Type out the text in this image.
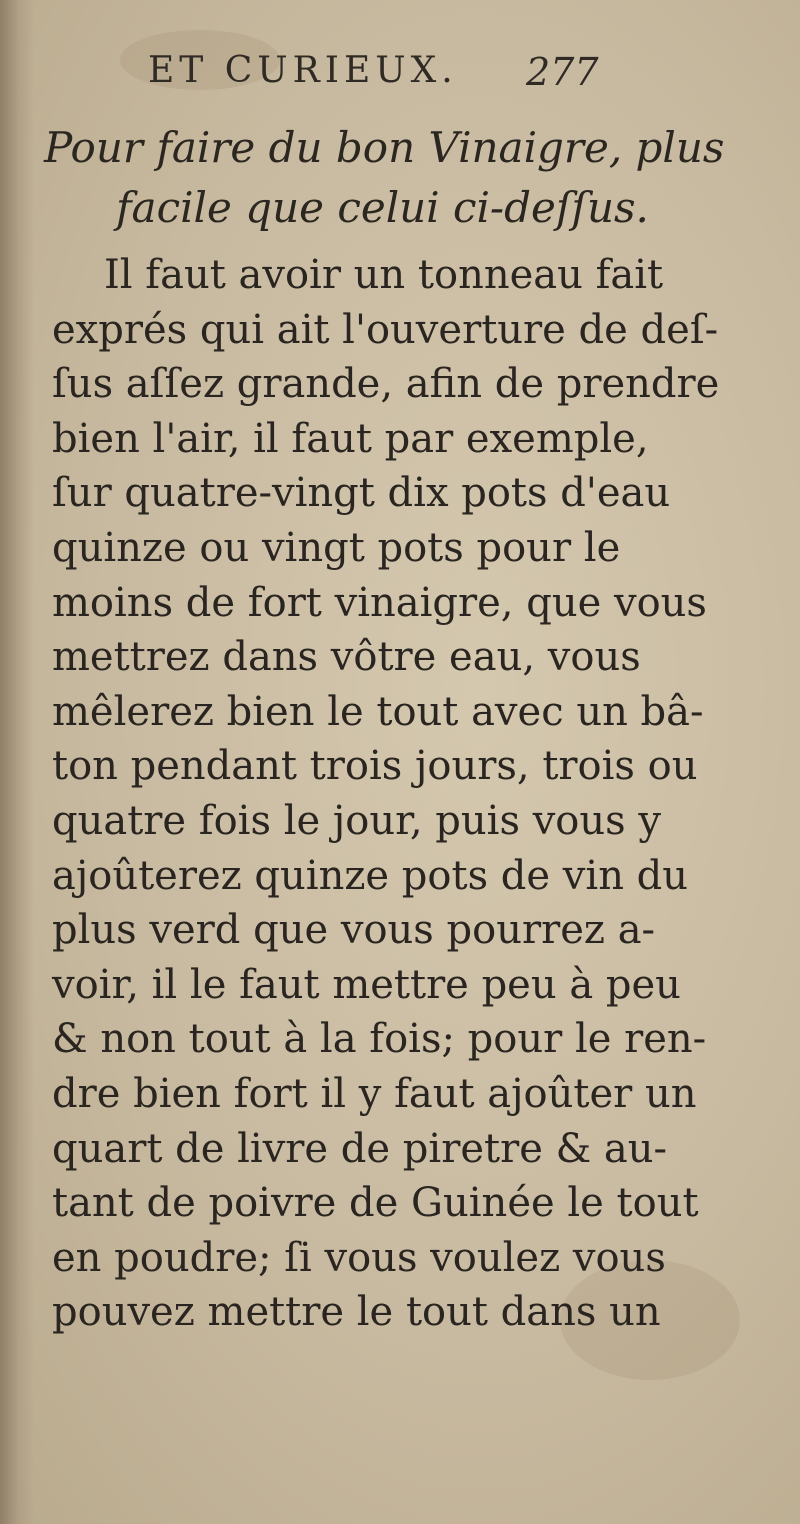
ET CURIEUX. 277
Pour faire du bon Vinaigre, plus
facile que celui ci-deſſus.
Il faut avoir un tonneau fait
exprés qui ait l'ouverture de deſ-
ſus aſſez grande, afin de prendre
bien l'air, il faut par exemple,
ſur quatre-vingt dix pots d'eau
quinze ou vingt pots pour le
moins de fort vinaigre, que vous
mettrez dans vôtre eau, vous
mêlerez bien le tout avec un bâ-
ton pendant trois jours, trois ou
quatre fois le jour, puis vous y
ajoûterez quinze pots de vin du
plus verd que vous pourrez a-
voir, il le faut mettre peu à peu
& non tout à la fois; pour le ren-
dre bien fort il y faut ajoûter un
quart de livre de piretre & au-
tant de poivre de Guinée le tout
en poudre; ſi vous voulez vous
pouvez mettre le tout dans un
